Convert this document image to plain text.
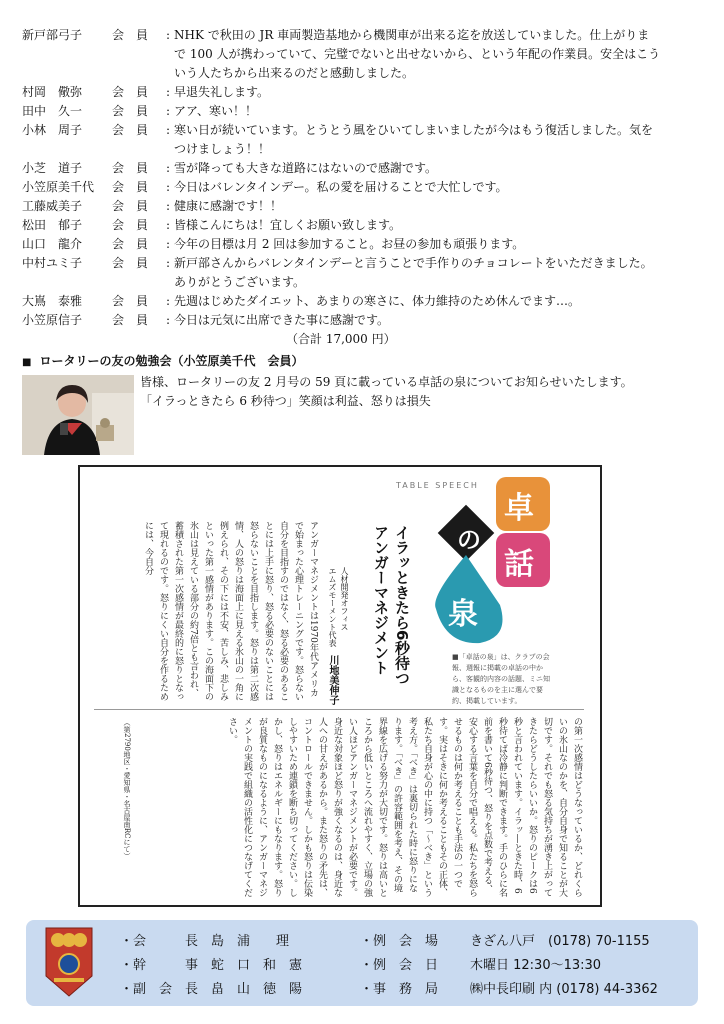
新戸部弓子	会　員	: NHK で秋田の JR 車両製造基地から機関車が出来る迄を放送していました。仕上がりま
で 100 人が携わっていて、完璧でないと出せないから、という年配の作業員。安全はこう
いう人たちから出来るのだと感動しました。
村岡　儆弥	会　員	: 早退失礼します。
田中　久一	会　員	: アア、寒い！！
小林　周子	会　員	: 寒い日が続いています。とうとう風をひいてしまいましたが今はもう復活しました。気を
つけましょう！！
小芝　道子	会　員	: 雪が降っても大きな道路にはないので感謝です。
小笠原美千代	会　員	: 今日はバレンタインデー。私の愛を届けることで大忙しです。
工藤威美子	会　員	: 健康に感謝です！！
松田　郁子	会　員	: 皆様こんにちは！宜しくお願い致します。
山口　龍介	会　員	: 今年の目標は月 2 回は参加すること。お昼の参加も頑張ります。
中村ユミ子	会　員	: 新戸部さんからバレンタインデーと言うことで手作りのチョコレートをいただきました。
ありがとうございます。
大嶌　泰雅	会　員	: 先週はじめたダイエット、あまりの寒さに、体力維持のため休んでます…。
小笠原信子	会　員	: 今日は元気に出席できた事に感謝です。
（合計 17,000 円）
■ ロータリーの友の勉強会（小笠原美千代　会員）
皆様、ロータリーの友 2 月号の 59 頁に載っている卓話の泉についてお知らせいたします。
「イラっときたら 6 秒待つ」笑顔は利益、怒りは損失
TABLE SPEECH
卓
話
の
泉
■「卓話の泉」は、クラブの会報、週報に掲載の卓話の中から、客観的内容の話題、ミニ知識となるものを主に選んで要約、掲載しています。
イラッときたら6秒待つ
アンガーマネジメント
人材開発オフィス
エムズモーメント代表　川地美伸子
アンガーマネジメントは1970年代アメリカで始まった心理トレーニングです。怒らない自分を目指すのではなく、怒る必要のあることには上手に怒り、怒る必要のないことには怒らないことを目指します。怒りは第二次感情、人の怒りは海面上に見える氷山の一角に例えられ、その下には不安、苦しみ、悲しみといった第一感情があります。この海面下の氷山は見えている部分の約7倍とも言われ、蓄積された第一次感情が最終的に怒りとなって現れるのです。怒りにくい自分を作るためには、今自分
の第一次感情はどうなっているか、どれくらいの氷山なのかを、自分自身で知ることが大切です。それでも怒る気持ちが湧き上がってきたらどうしたらいいか。怒りのピークは6秒と言われています。イラッ―ときた時、6秒待てば冷静に判断できます。手のひらに名前を書いて6秒待つ、怒りを点数で考える、安心する言葉を自分で唱える。私たちを怒らせるものは何か考えることも手法の一つです。実はそきに何か考えることもその正体、私たち自身が心の中に持つ「～べき」という考え方。「べき」は裏切られた時に怒りになります。「べき」の許容範囲を考え、その境界線を広げる努力が大切です。怒りは高いところから低いところへ流れやすく、立場の強い人ほどアンガーマネジメントが必要です。身近な対象ほど怒りが強くなるのは、身近な人への甘えがあるから。また怒りの矛先は、コントロールできません。しかも怒りは伝染しやすいため連鎖を断ち切ってください。しかし、怒りはエネルギーにもなります。怒りが良質なものになるように、アンガーマネジメントの実践で組織の活性化につなげてください。
（第2790地区・愛知県・名古屋南RCにて）
・会　　　長　 島　浦　　理	・例　会　場	きざん八戸　(0178) 70-1155
・幹　　　事　 蛇　口　和　憲	・例　会　日	木曜日 12:30～13:30
・副　会　長　 畠　山　徳　陽	・事　務　局	㈱中長印刷 内 (0178) 44-3362
